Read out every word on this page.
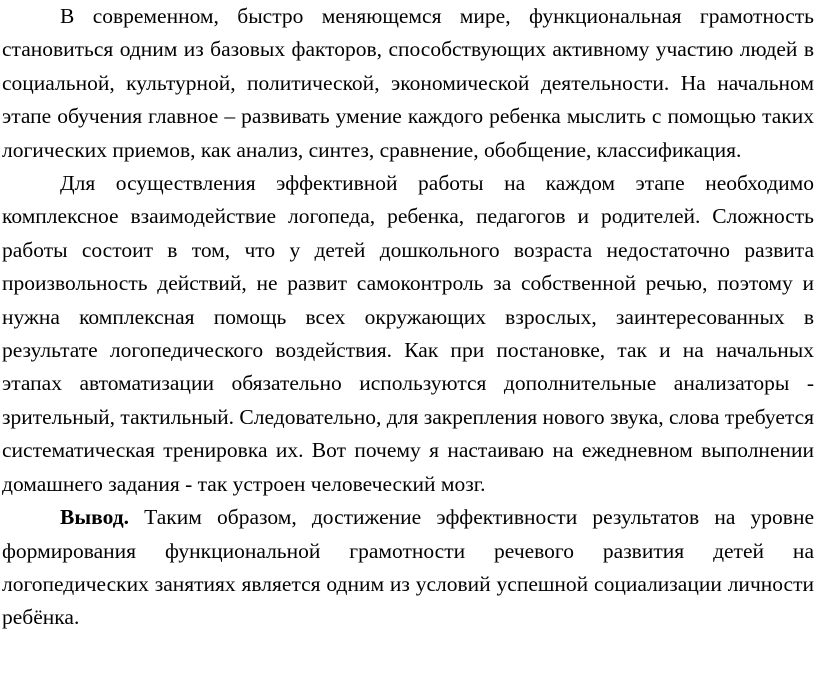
В современном, быстро меняющемся мире, функциональная грамотность становиться одним из базовых факторов, способствующих активному участию людей в социальной, культурной, политической, экономической деятельности. На начальном этапе обучения главное – развивать умение каждого ребенка мыслить с помощью таких логических приемов, как анализ, синтез, сравнение, обобщение, классификация.

Для осуществления эффективной работы на каждом этапе необходимо комплексное взаимодействие логопеда, ребенка, педагогов и родителей. Сложность работы состоит в том, что у детей дошкольного возраста недостаточно развита произвольность действий, не развит самоконтроль за собственной речью, поэтому и нужна комплексная помощь всех окружающих взрослых, заинтересованных в результате логопедического воздействия. Как при постановке, так и на начальных этапах автоматизации обязательно используются дополнительные анализаторы - зрительный, тактильный. Следовательно, для закрепления нового звука, слова требуется систематическая тренировка их. Вот почему я настаиваю на ежедневном выполнении домашнего задания - так устроен человеческий мозг.

Вывод. Таким образом, достижение эффективности результатов на уровне формирования функциональной грамотности речевого развития детей на логопедических занятиях является одним из условий успешной социализации личности ребёнка.
